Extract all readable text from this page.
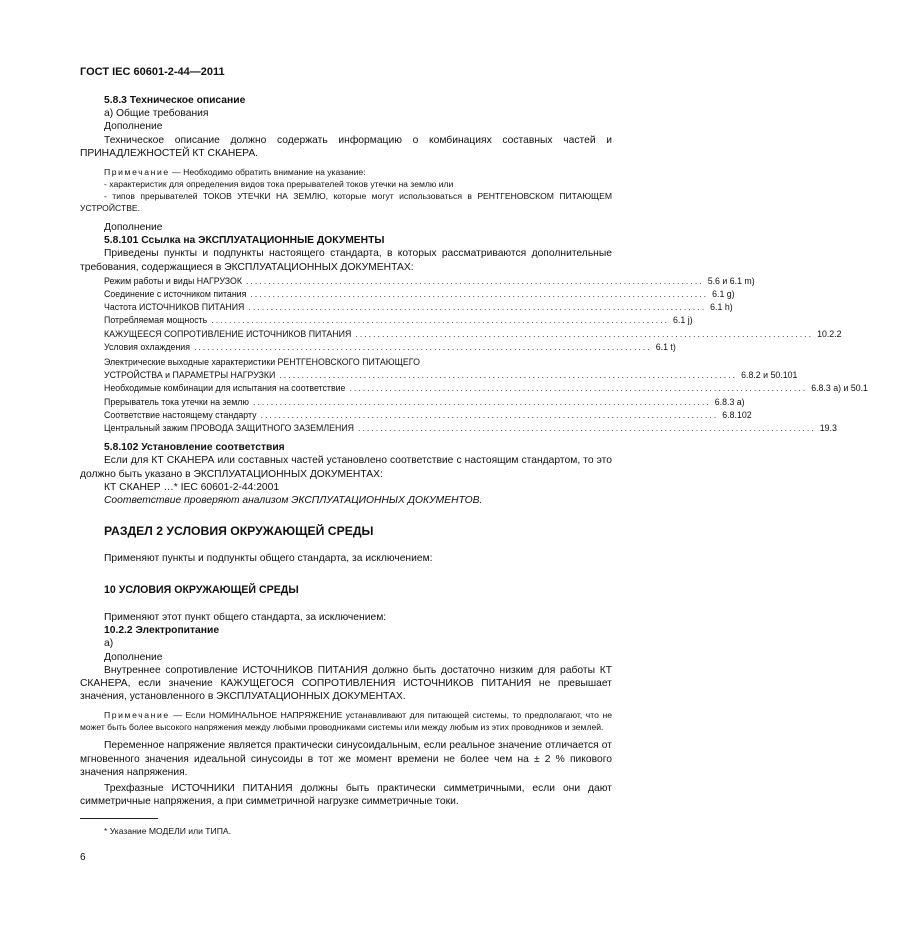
ГОСТ IEC 60601-2-44—2011

5.8.3 Техническое описание

а) Общие требования

Дополнение

Техническое описание должно содержать информацию о комбинациях составных частей и ПРИНАДЛЕЖНОСТЕЙ КТ СКАНЕРА.

Примечание — Необходимо обратить внимание на указание:

- характеристик для определения видов тока прерывателей токов утечки на землю или

- типов прерывателей ТОКОВ УТЕЧКИ НА ЗЕМЛЮ, которые могут использоваться в РЕНТГЕНОВСКОМ ПИТАЮЩЕМ УСТРОЙСТВЕ.

Дополнение

5.8.101 Ссылка на ЭКСПЛУАТАЦИОННЫЕ ДОКУМЕНТЫ

Приведены пункты и подпункты настоящего стандарта, в которых рассматриваются дополнительные требования, содержащиеся в ЭКСПЛУАТАЦИОННЫХ ДОКУМЕНТАХ:

Режим работы и виды НАГРУЗОК ....................................................................................................... 5.6 и 6.1 m)
Соединение с источником питания ....................................................................................................... 6.1 g)
Частота ИСТОЧНИКОВ ПИТАНИЯ ....................................................................................................... 6.1 h)
Потребляемая мощность ....................................................................................................... 6.1 j)
КАЖУЩЕЕСЯ СОПРОТИВЛЕНИЕ ИСТОЧНИКОВ ПИТАНИЯ ....................................................................................................... 10.2.2
Условия охлаждения ....................................................................................................... 6.1 t)
Электрические выходные характеристики РЕНТГЕНОВСКОГО ПИТАЮЩЕГО
УСТРОЙСТВА и ПАРАМЕТРЫ НАГРУЗКИ ....................................................................................................... 6.8.2 и 50.101
Необходимые комбинации для испытания на соответствие ....................................................................................................... 6.8.3 а) и 50.1
Прерыватель тока утечки на землю ....................................................................................................... 6.8.3 а)
Соответствие настоящему стандарту ....................................................................................................... 6.8.102
Центральный зажим ПРОВОДА ЗАЩИТНОГО ЗАЗЕМЛЕНИЯ ....................................................................................................... 19.3

5.8.102 Установление соответствия

Если для КТ СКАНЕРА или составных частей установлено соответствие с настоящим стандартом, то это должно быть указано в ЭКСПЛУАТАЦИОННЫХ ДОКУМЕНТАХ:

КТ СКАНЕР …* IEC 60601-2-44:2001

Соответствие проверяют анализом ЭКСПЛУАТАЦИОННЫХ ДОКУМЕНТОВ.

РАЗДЕЛ 2 УСЛОВИЯ ОКРУЖАЮЩЕЙ СРЕДЫ

Применяют пункты и подпункты общего стандарта, за исключением:

10 УСЛОВИЯ ОКРУЖАЮЩЕЙ СРЕДЫ

Применяют этот пункт общего стандарта, за исключением:

10.2.2 Электропитание

а)

Дополнение

Внутреннее сопротивление ИСТОЧНИКОВ ПИТАНИЯ должно быть достаточно низким для работы КТ СКАНЕРА, если значение КАЖУЩЕГОСЯ СОПРОТИВЛЕНИЯ ИСТОЧНИКОВ ПИТАНИЯ не превышает значения, установленного в ЭКСПЛУАТАЦИОННЫХ ДОКУМЕНТАХ.

Примечание — Если НОМИНАЛЬНОЕ НАПРЯЖЕНИЕ устанавливают для питающей системы, то предполагают, что не может быть более высокого напряжения между любыми проводниками системы или между любым из этих проводников и землей.

Переменное напряжение является практически синусоидальным, если реальное значение отличается от мгновенного значения идеальной синусоиды в тот же момент времени не более чем на ± 2 % пикового значения напряжения.

Трехфазные ИСТОЧНИКИ ПИТАНИЯ должны быть практически симметричными, если они дают симметричные напряжения, а при симметричной нагрузке симметричные токи.

* Указание МОДЕЛИ или ТИПА.
6
